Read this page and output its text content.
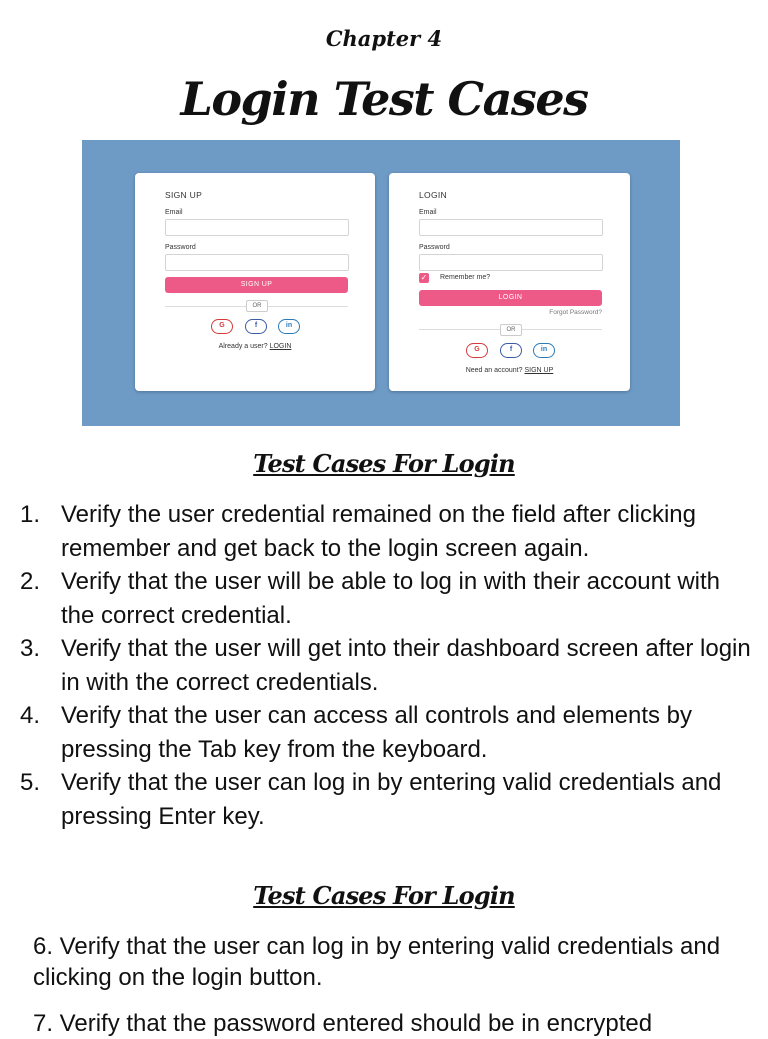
Chapter 4
Login Test Cases
SIGN UP
Email
Password
SIGN UP
OR
G	f	in
Already a user? LOGIN
LOGIN
Email
Password
✓ Remember me?
LOGIN
Forgot Password?
OR
G	f	in
Need an account? SIGN UP
Test Cases For Login
1. Verify the user credential remained on the field after clicking remember and get back to the login screen again.
2. Verify that the user will be able to log in with their account with the correct credential.
3. Verify that the user will get into their dashboard screen after login in with the correct credentials.
4. Verify that the user can access all controls and elements by pressing the Tab key from the keyboard.
5. Verify that the user can log in by entering valid credentials and pressing Enter key.
Test Cases For Login
6. Verify that the user can log in by entering valid credentials and clicking on the login button.
7. Verify that the password entered should be in encrypted
